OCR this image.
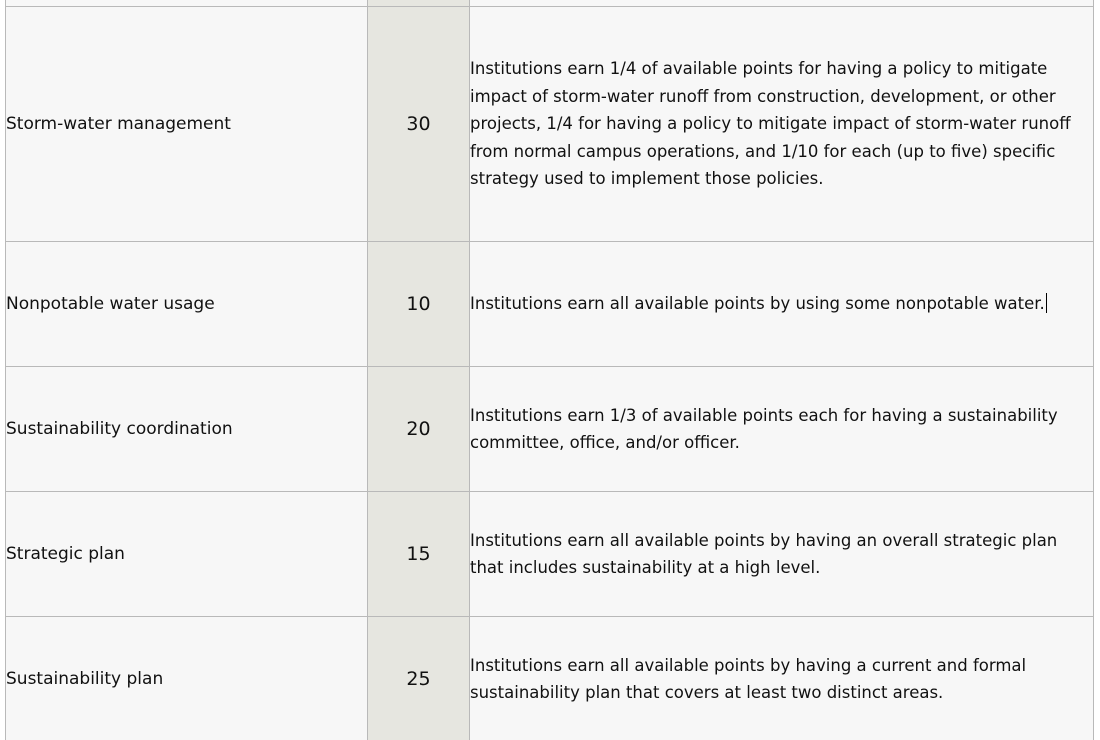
Storm-water management	30	Institutions earn 1/4 of available points for having a policy to mitigate impact of storm-water runoff from construction, development, or other projects, 1/4 for having a policy to mitigate impact of storm-water runoff from normal campus operations, and 1/10 for each (up to five) specific strategy used to implement those policies.
Nonpotable water usage	10	Institutions earn all available points by using some nonpotable water.
Sustainability coordination	20	Institutions earn 1/3 of available points each for having a sustainability committee, office, and/or officer.
Strategic plan	15	Institutions earn all available points by having an overall strategic plan that includes sustainability at a high level.
Sustainability plan	25	Institutions earn all available points by having a current and formal sustainability plan that covers at least two distinct areas.
